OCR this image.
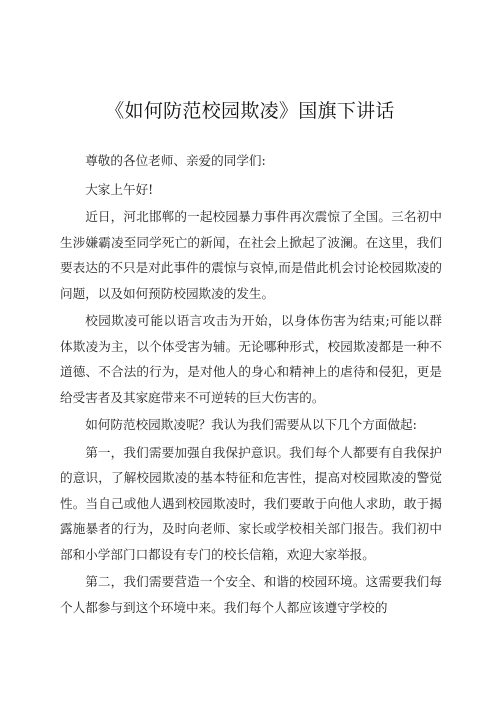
《如何防范校园欺凌》国旗下讲话

尊敬的各位老师、亲爱的同学们:

大家上午好!

近日，河北邯郸的一起校园暴力事件再次震惊了全国。三名初中生涉嫌霸凌至同学死亡的新闻，在社会上掀起了波澜。在这里，我们要表达的不只是对此事件的震惊与哀悼,而是借此机会讨论校园欺凌的问题，以及如何预防校园欺凌的发生。

校园欺凌可能以语言攻击为开始，以身体伤害为结束;可能以群体欺凌为主，以个体受害为辅。无论哪种形式，校园欺凌都是一种不道德、不合法的行为，是对他人的身心和精神上的虐待和侵犯，更是给受害者及其家庭带来不可逆转的巨大伤害的。

如何防范校园欺凌呢？我认为我们需要从以下几个方面做起:

第一，我们需要加强自我保护意识。我们每个人都要有自我保护的意识，了解校园欺凌的基本特征和危害性，提高对校园欺凌的警觉性。当自己或他人遇到校园欺凌时，我们要敢于向他人求助，敢于揭露施暴者的行为，及时向老师、家长或学校相关部门报告。我们初中部和小学部门口都设有专门的校长信箱，欢迎大家举报。

第二，我们需要营造一个安全、和谐的校园环境。这需要我们每个人都参与到这个环境中来。我们每个人都应该遵守学校的
